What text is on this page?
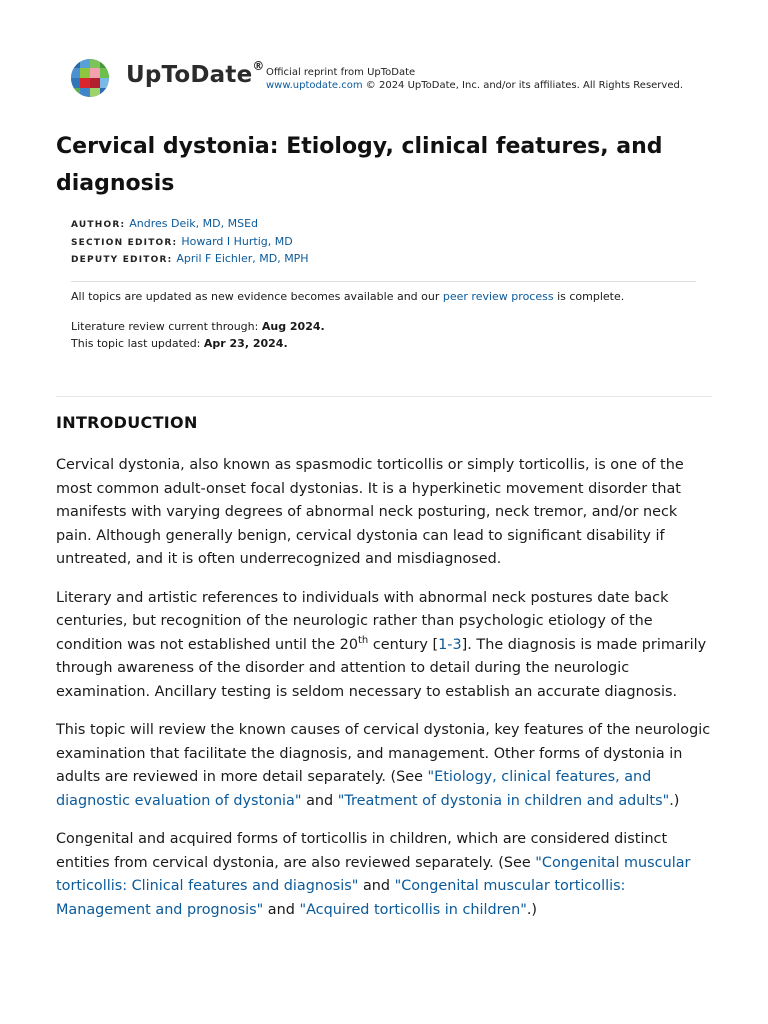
UpToDate® Official reprint from UpToDate
www.uptodate.com © 2024 UpToDate, Inc. and/or its affiliates. All Rights Reserved.
Cervical dystonia: Etiology, clinical features, and diagnosis
AUTHOR: Andres Deik, MD, MSEd
SECTION EDITOR: Howard I Hurtig, MD
DEPUTY EDITOR: April F Eichler, MD, MPH
All topics are updated as new evidence becomes available and our peer review process is complete.
Literature review current through: Aug 2024.
This topic last updated: Apr 23, 2024.
INTRODUCTION

Cervical dystonia, also known as spasmodic torticollis or simply torticollis, is one of the most common adult-onset focal dystonias. It is a hyperkinetic movement disorder that manifests with varying degrees of abnormal neck posturing, neck tremor, and/or neck pain. Although generally benign, cervical dystonia can lead to significant disability if untreated, and it is often underrecognized and misdiagnosed.

Literary and artistic references to individuals with abnormal neck postures date back centuries, but recognition of the neurologic rather than psychologic etiology of the condition was not established until the 20th century [1-3]. The diagnosis is made primarily through awareness of the disorder and attention to detail during the neurologic examination. Ancillary testing is seldom necessary to establish an accurate diagnosis.

This topic will review the known causes of cervical dystonia, key features of the neurologic examination that facilitate the diagnosis, and management. Other forms of dystonia in adults are reviewed in more detail separately. (See "Etiology, clinical features, and diagnostic evaluation of dystonia" and "Treatment of dystonia in children and adults".)

Congenital and acquired forms of torticollis in children, which are considered distinct entities from cervical dystonia, are also reviewed separately. (See "Congenital muscular torticollis: Clinical features and diagnosis" and "Congenital muscular torticollis: Management and prognosis" and "Acquired torticollis in children".)
